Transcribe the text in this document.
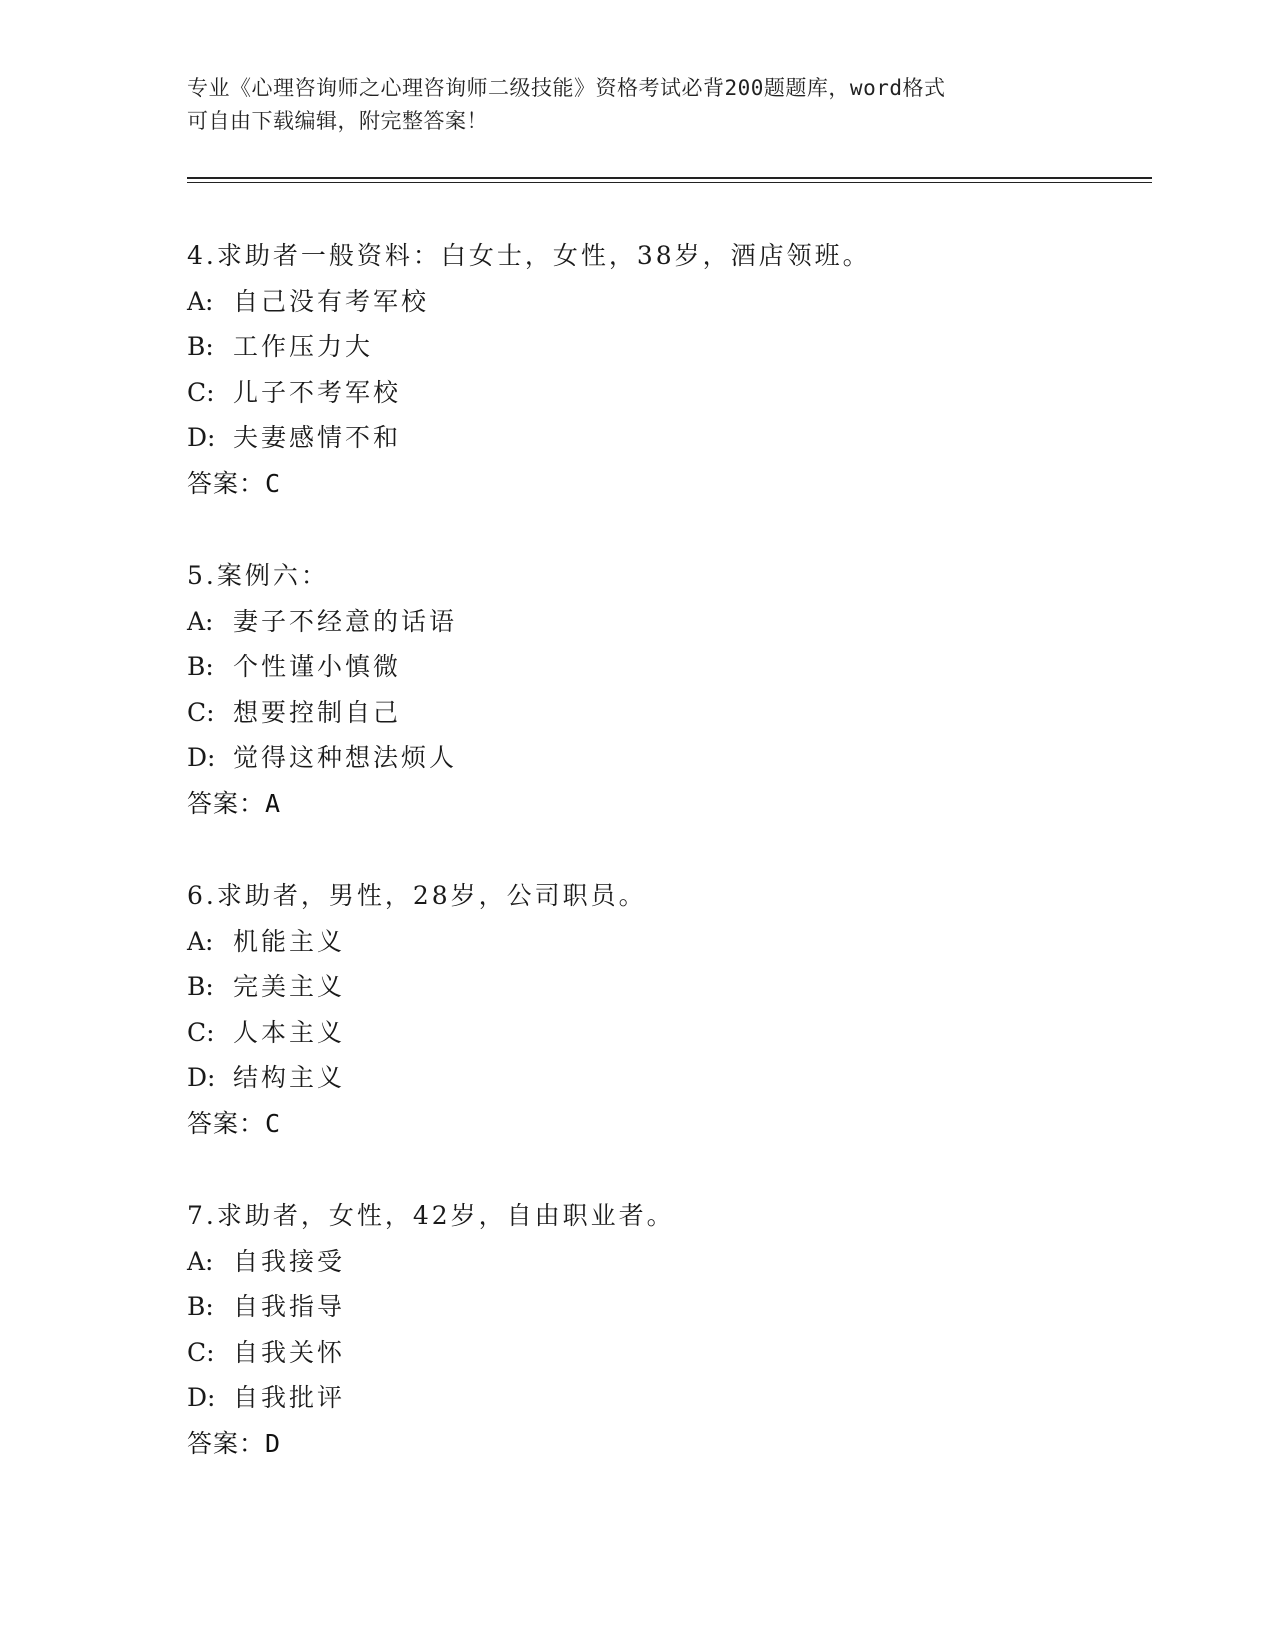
专业《心理咨询师之心理咨询师二级技能》资格考试必背200题题库，word格式
可自由下载编辑，附完整答案！
4.求助者一般资料：白女士，女性，38岁，酒店领班。
A: 自己没有考军校
B: 工作压力大
C: 儿子不考军校
D: 夫妻感情不和
答案：C
5.案例六：
A: 妻子不经意的话语
B: 个性谨小慎微
C: 想要控制自己
D: 觉得这种想法烦人
答案：A
6.求助者，男性，28岁，公司职员。
A: 机能主义
B: 完美主义
C: 人本主义
D: 结构主义
答案：C
7.求助者，女性，42岁，自由职业者。
A: 自我接受
B: 自我指导
C: 自我关怀
D: 自我批评
答案：D
